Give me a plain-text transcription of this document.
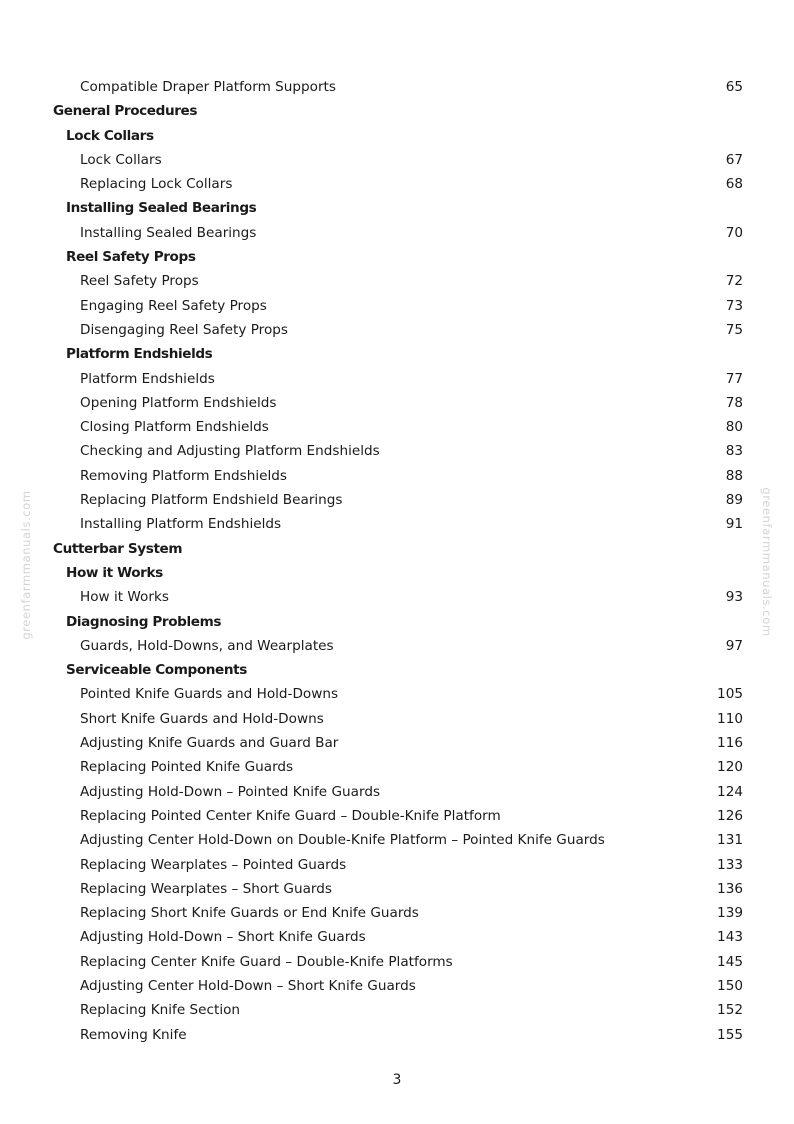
Compatible Draper Platform Supports	65
General Procedures
Lock Collars
Lock Collars	67
Replacing Lock Collars	68
Installing Sealed Bearings
Installing Sealed Bearings	70
Reel Safety Props
Reel Safety Props	72
Engaging Reel Safety Props	73
Disengaging Reel Safety Props	75
Platform Endshields
Platform Endshields	77
Opening Platform Endshields	78
Closing Platform Endshields	80
Checking and Adjusting Platform Endshields	83
Removing Platform Endshields	88
Replacing Platform Endshield Bearings	89
Installing Platform Endshields	91
Cutterbar System
How it Works
How it Works	93
Diagnosing Problems
Guards, Hold-Downs, and Wearplates	97
Serviceable Components
Pointed Knife Guards and Hold-Downs	105
Short Knife Guards and Hold-Downs	110
Adjusting Knife Guards and Guard Bar	116
Replacing Pointed Knife Guards	120
Adjusting Hold-Down – Pointed Knife Guards	124
Replacing Pointed Center Knife Guard – Double-Knife Platform	126
Adjusting Center Hold-Down on Double-Knife Platform – Pointed Knife Guards	131
Replacing Wearplates – Pointed Guards	133
Replacing Wearplates – Short Guards	136
Replacing Short Knife Guards or End Knife Guards	139
Adjusting Hold-Down – Short Knife Guards	143
Replacing Center Knife Guard – Double-Knife Platforms	145
Adjusting Center Hold-Down – Short Knife Guards	150
Replacing Knife Section	152
Removing Knife	155
greenfarmmanuals.com	greenfarmmanuals.com
3
